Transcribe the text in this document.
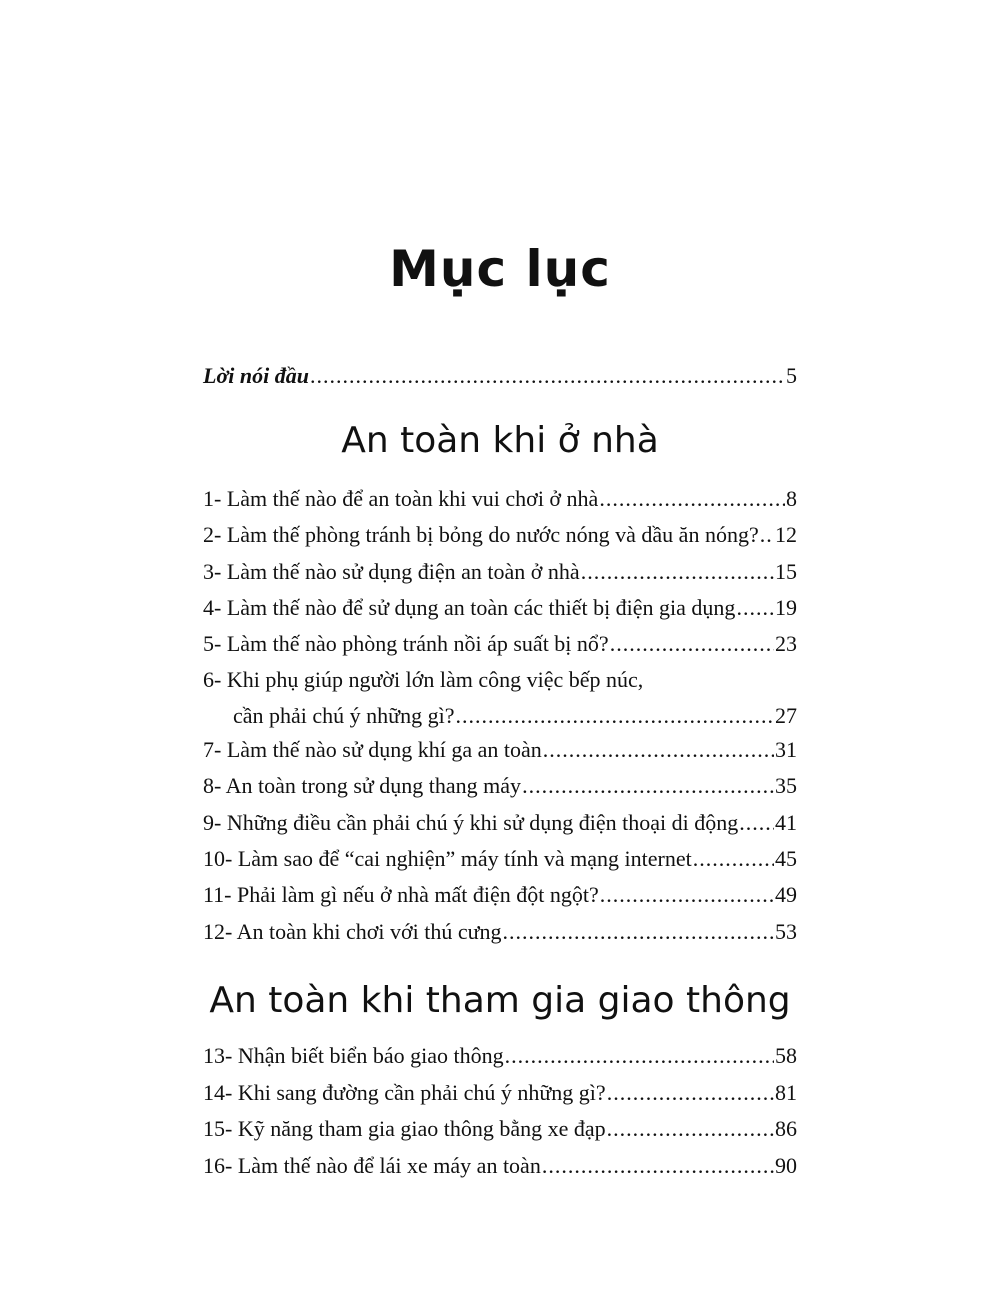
Mục lục
Lời nói đầu .....	5
An toàn khi ở nhà
1- Làm thế nào để an toàn khi vui chơi ở nhà .....	8
2- Làm thế phòng tránh bị bỏng do nước nóng và dầu ăn nóng? ..... 12
3- Làm thế nào sử dụng điện an toàn ở nhà .....	15
4- Làm thế nào để sử dụng an toàn các thiết bị điện gia dụng ..... 19
5- Làm thế nào phòng tránh nồi áp suất bị nổ? .....	23
6- Khi phụ giúp người lớn làm công việc bếp núc,
cần phải chú ý những gì? .....	27
7- Làm thế nào sử dụng khí ga an toàn .....	31
8- An toàn trong sử dụng thang máy .....	35
9- Những điều cần phải chú ý khi sử dụng điện thoại di động ..... 41
10- Làm sao để “cai nghiện” máy tính và mạng internet .....	45
11- Phải làm gì nếu ở nhà mất điện đột ngột? .....	49
12- An toàn khi chơi với thú cưng .....	53
An toàn khi tham gia giao thông
13- Nhận biết biển báo giao thông .....	58
14- Khi sang đường cần phải chú ý những gì? .....	81
15- Kỹ năng tham gia giao thông bằng xe đạp .....	86
16- Làm thế nào để lái xe máy an toàn .....	90
